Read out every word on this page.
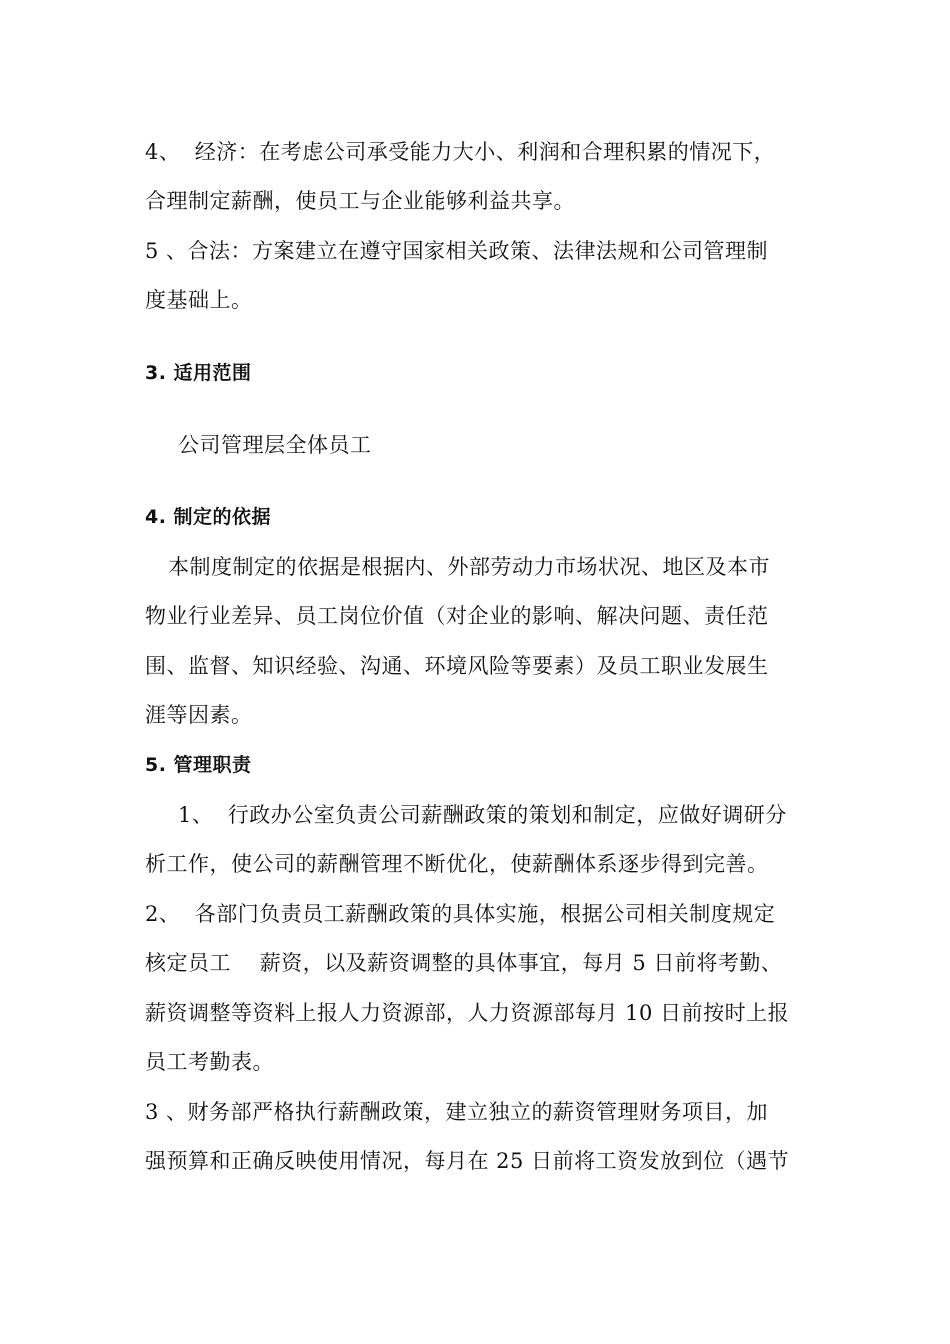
4、  经济：在考虑公司承受能力大小、利润和合理积累的情况下，
合理制定薪酬，使员工与企业能够利益共享。
5 、合法：方案建立在遵守国家相关政策、法律法规和公司管理制
度基础上。
3. 适用范围
公司管理层全体员工
4. 制定的依据
本制度制定的依据是根据内、外部劳动力市场状况、地区及本市
物业行业差异、员工岗位价值（对企业的影响、解决问题、责任范
围、监督、知识经验、沟通、环境风险等要素）及员工职业发展生
涯等因素。
5. 管理职责
1、  行政办公室负责公司薪酬政策的策划和制定，应做好调研分
析工作，使公司的薪酬管理不断优化，使薪酬体系逐步得到完善。
2、  各部门负责员工薪酬政策的具体实施，根据公司相关制度规定
核定员工    薪资，以及薪资调整的具体事宜，每月 5 日前将考勤、
薪资调整等资料上报人力资源部，人力资源部每月 10 日前按时上报
员工考勤表。
3 、财务部严格执行薪酬政策，建立独立的薪资管理财务项目，加
强预算和正确反映使用情况，每月在 25 日前将工资发放到位（遇节
